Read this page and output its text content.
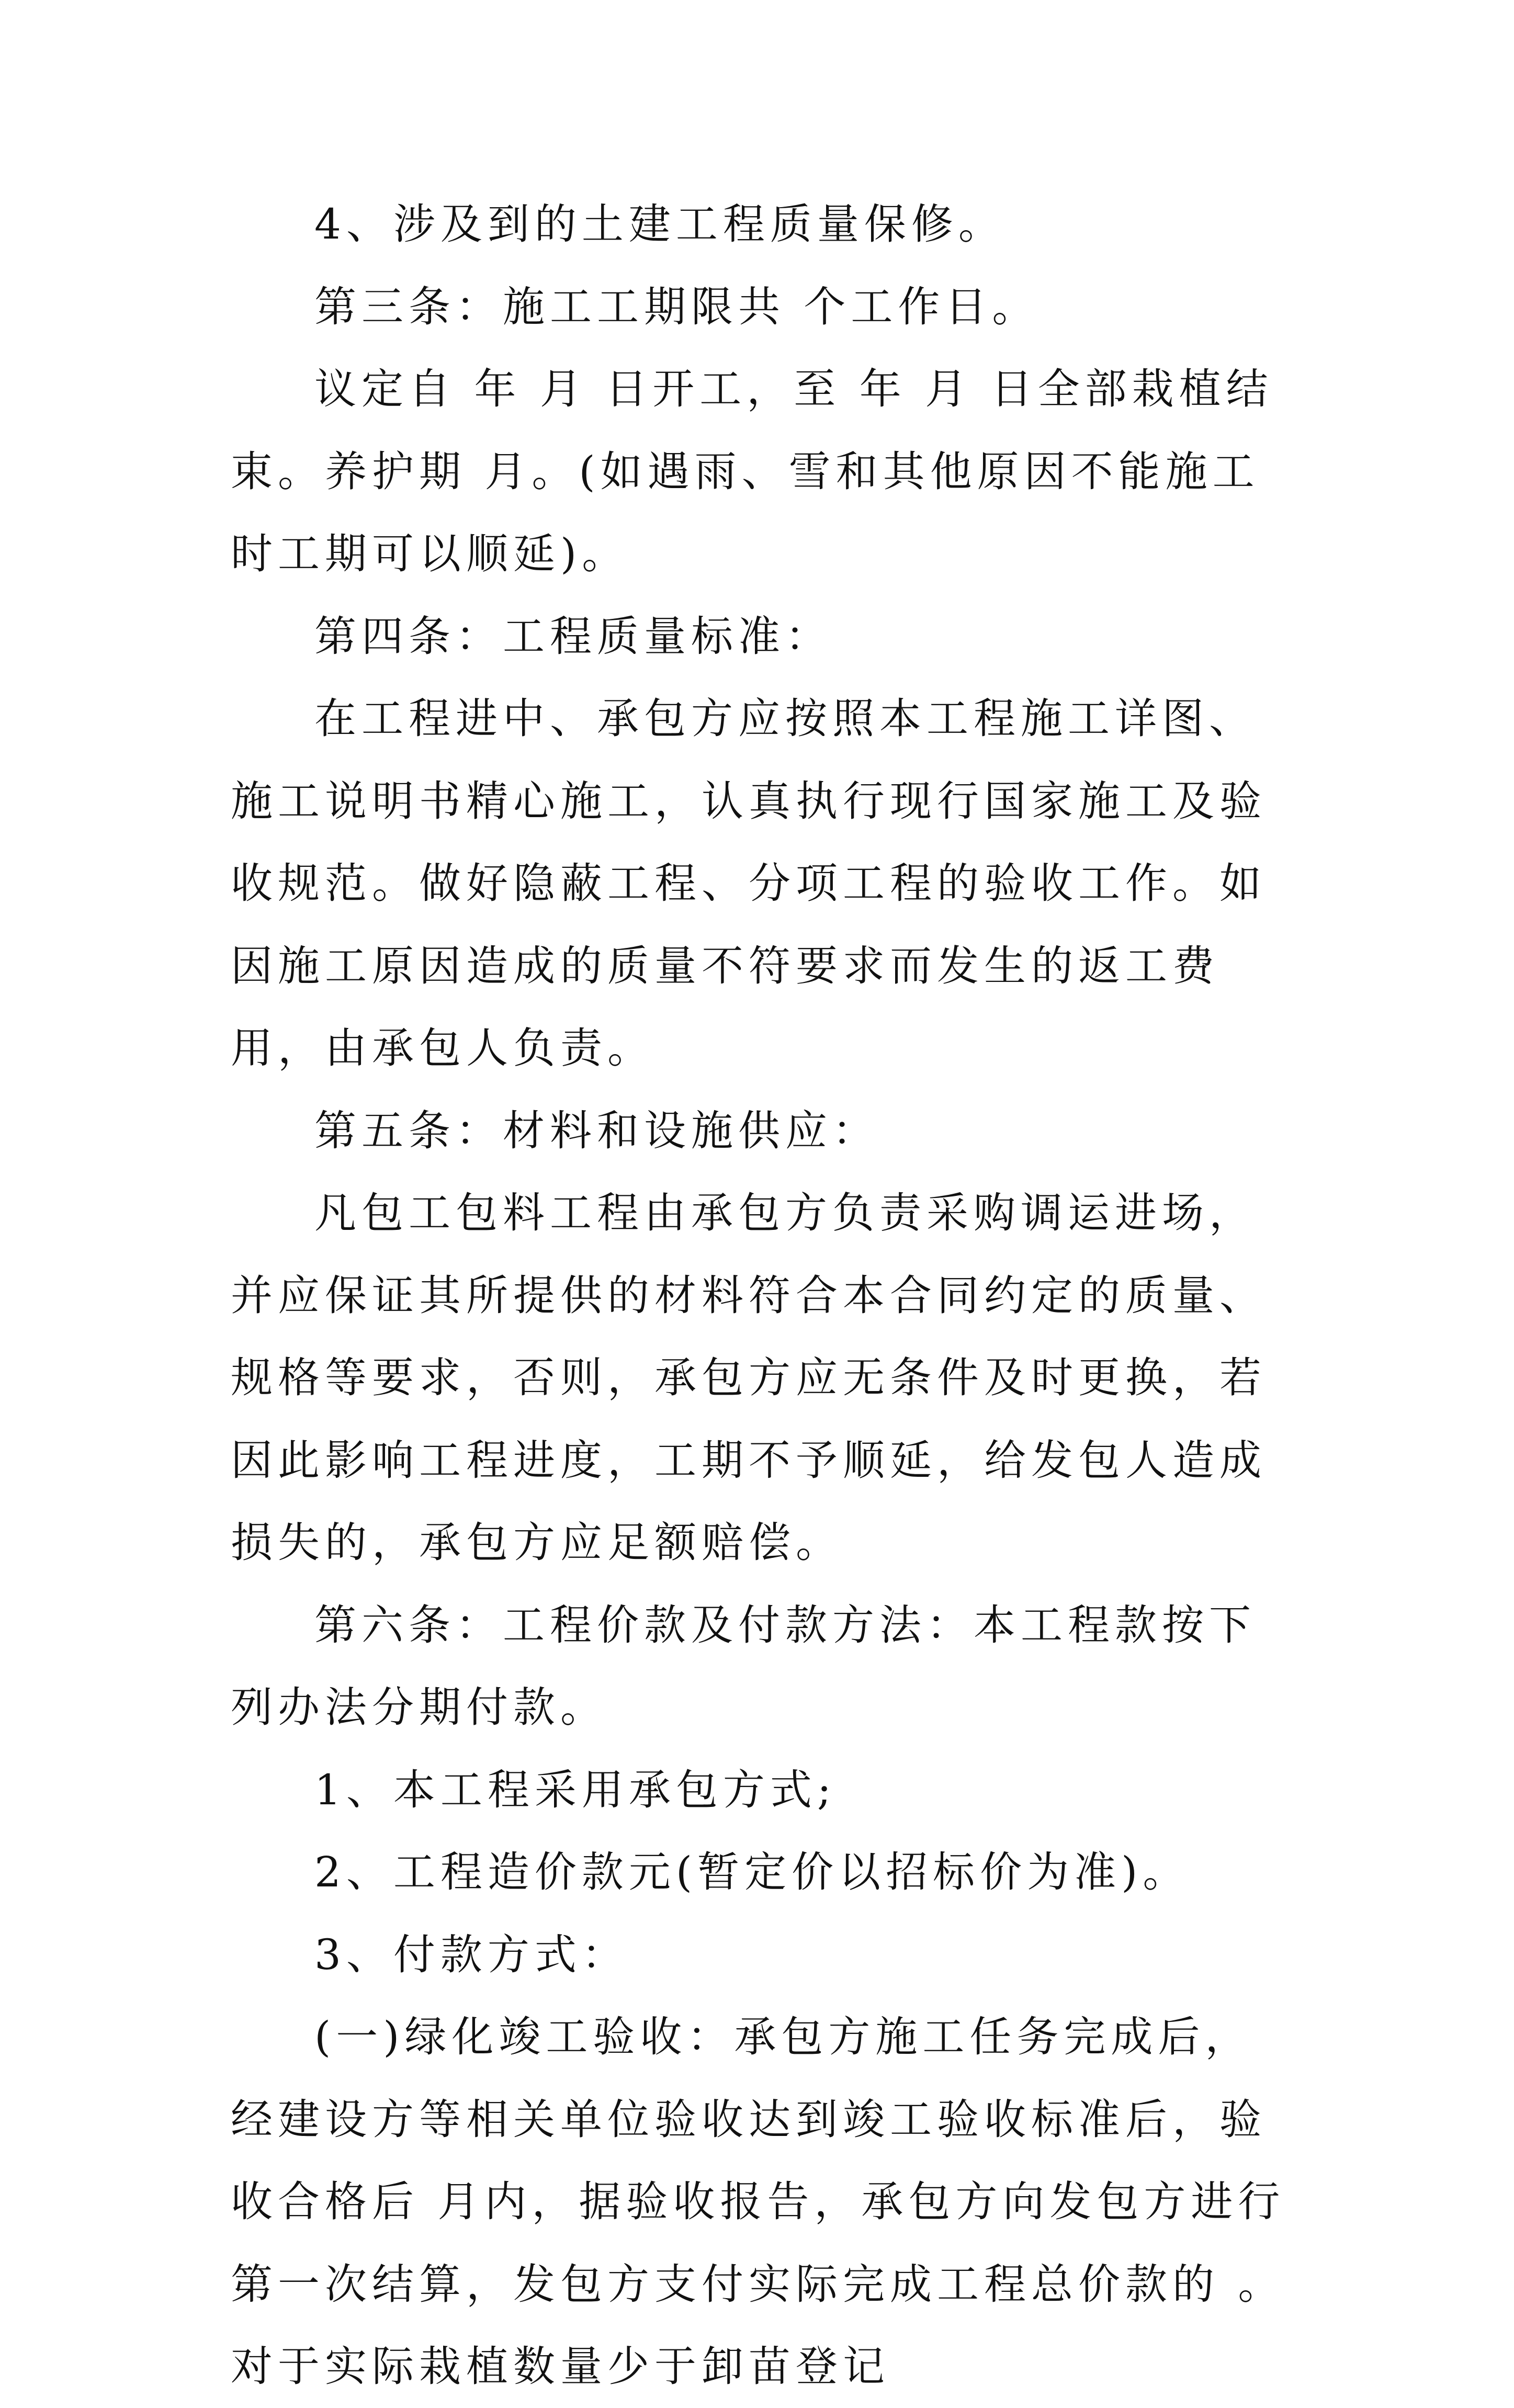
4、涉及到的土建工程质量保修。

第三条：施工工期限共 个工作日。

议定自 年 月 日开工，至 年 月 日全部栽植结束。养护期 月。(如遇雨、雪和其他原因不能施工时工期可以顺延)。

第四条：工程质量标准：

在工程进中、承包方应按照本工程施工详图、施工说明书精心施工，认真执行现行国家施工及验收规范。做好隐蔽工程、分项工程的验收工作。如因施工原因造成的质量不符要求而发生的返工费用，由承包人负责。

第五条：材料和设施供应：

凡包工包料工程由承包方负责采购调运进场，并应保证其所提供的材料符合本合同约定的质量、规格等要求，否则，承包方应无条件及时更换，若因此影响工程进度，工期不予顺延，给发包人造成损失的，承包方应足额赔偿。

第六条：工程价款及付款方法：本工程款按下列办法分期付款。

1、本工程采用承包方式;

2、工程造价款元(暂定价以招标价为准)。

3、付款方式：

(一)绿化竣工验收：承包方施工任务完成后，经建设方等相关单位验收达到竣工验收标准后，验收合格后 月内，据验收报告，承包方向发包方进行第一次结算，发包方支付实际完成工程总价款的 。对于实际栽植数量少于卸苗登记
